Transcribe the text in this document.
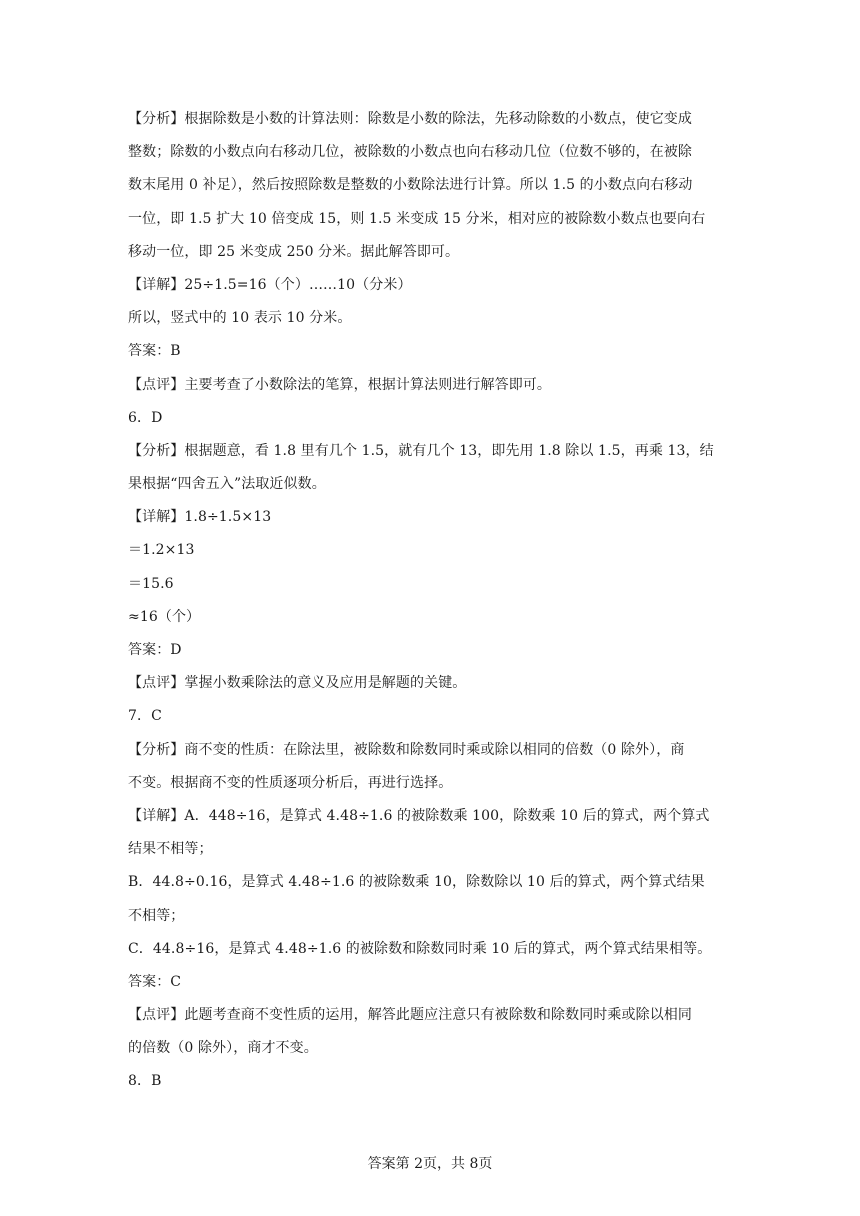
【分析】根据除数是小数的计算法则：除数是小数的除法，先移动除数的小数点，使它变成

整数；除数的小数点向右移动几位，被除数的小数点也向右移动几位（位数不够的，在被除

数末尾用 0 补足），然后按照除数是整数的小数除法进行计算。所以 1.5 的小数点向右移动

一位，即 1.5 扩大 10 倍变成 15，则 1.5 米变成 15 分米，相对应的被除数小数点也要向右

移动一位，即 25 米变成 250 分米。据此解答即可。

【详解】25÷1.5=16（个）……10（分米）

所以，竖式中的 10 表示 10 分米。

答案：B

【点评】主要考查了小数除法的笔算，根据计算法则进行解答即可。

6．D

【分析】根据题意，看 1.8 里有几个 1.5，就有几个 13，即先用 1.8 除以 1.5，再乘 13，结

果根据“四舍五入”法取近似数。

【详解】1.8÷1.5×13

＝1.2×13

＝15.6

≈16（个）

答案：D

【点评】掌握小数乘除法的意义及应用是解题的关键。

7．C

【分析】商不变的性质：在除法里，被除数和除数同时乘或除以相同的倍数（0 除外），商

不变。根据商不变的性质逐项分析后，再进行选择。

【详解】A．448÷16，是算式 4.48÷1.6 的被除数乘 100，除数乘 10 后的算式，两个算式

结果不相等；

B．44.8÷0.16，是算式 4.48÷1.6 的被除数乘 10，除数除以 10 后的算式，两个算式结果

不相等；

C．44.8÷16，是算式 4.48÷1.6 的被除数和除数同时乘 10 后的算式，两个算式结果相等。

答案：C

【点评】此题考查商不变性质的运用，解答此题应注意只有被除数和除数同时乘或除以相同

的倍数（0 除外），商才不变。

8．B

答案第 2页，共 8页
